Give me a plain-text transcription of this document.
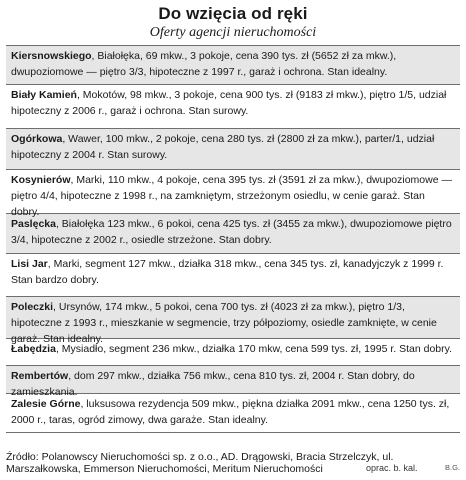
Do wzięcia od ręki
Oferty agencji nieruchomości
Kiersnowskiego, Białołęka, 69 mkw., 3 pokoje, cena 390 tys. zł (5652 zł za mkw.), dwupoziomowe — piętro 3/3, hipoteczne z 1997 r., garaż i ochrona. Stan idealny.
Biały Kamień, Mokotów, 98 mkw., 3 pokoje, cena 900 tys. zł (9183 zł mkw.), piętro 1/5, udział hipoteczny z 2006 r., garaż i ochrona. Stan surowy.
Ogórkowa, Wawer, 100 mkw., 2 pokoje, cena 280 tys. zł (2800 zł za mkw.), parter/1, udział hipoteczny z 2004 r. Stan surowy.
Kosynierów, Marki, 110 mkw., 4 pokoje, cena 395 tys. zł (3591 zł za mkw.), dwupoziomowe — piętro 4/4, hipoteczne z 1998 r., na zamkniętym, strzeżonym osiedlu, w cenie garaż. Stan dobry.
Paslęcka, Białołęka 123 mkw., 6 pokoi, cena 425 tys. zł (3455 za mkw.), dwupoziomowe piętro 3/4, hipoteczne z 2002 r., osiedle strzeżone. Stan dobry.
Lisi Jar, Marki, segment 127 mkw., działka 318 mkw., cena 345 tys. zł, kanadyjczyk z 1999 r. Stan bardzo dobry.
Poleczki, Ursynów, 174 mkw., 5 pokoi, cena 700 tys. zł (4023 zł za mkw.), piętro 1/3, hipoteczne z 1993 r., mieszkanie w segmencie, trzy półpoziomy, osiedle zamknięte, w cenie garaż. Stan idealny.
Łabędzia, Mysiadło, segment 236 mkw., działka 170 mkw, cena 599 tys. zł, 1995 r. Stan dobry.
Rembertów, dom 297 mkw., działka 756 mkw., cena 810 tys. zł, 2004 r. Stan dobry, do zamieszkania.
Zalesie Górne, luksusowa rezydencja 509 mkw., piękna działka 2091 mkw., cena 1250 tys. zł, 2000 r., taras, ogród zimowy, dwa garaże. Stan idealny.
Źródło: Polanowscy Nieruchomości sp. z o.o., AD. Drągowski, Bracia Strzelczyk, ul. Marszałkowska, Emmerson Nieruchomości, Meritum Nieruchomości	oprac. b. kal.	B.G.
